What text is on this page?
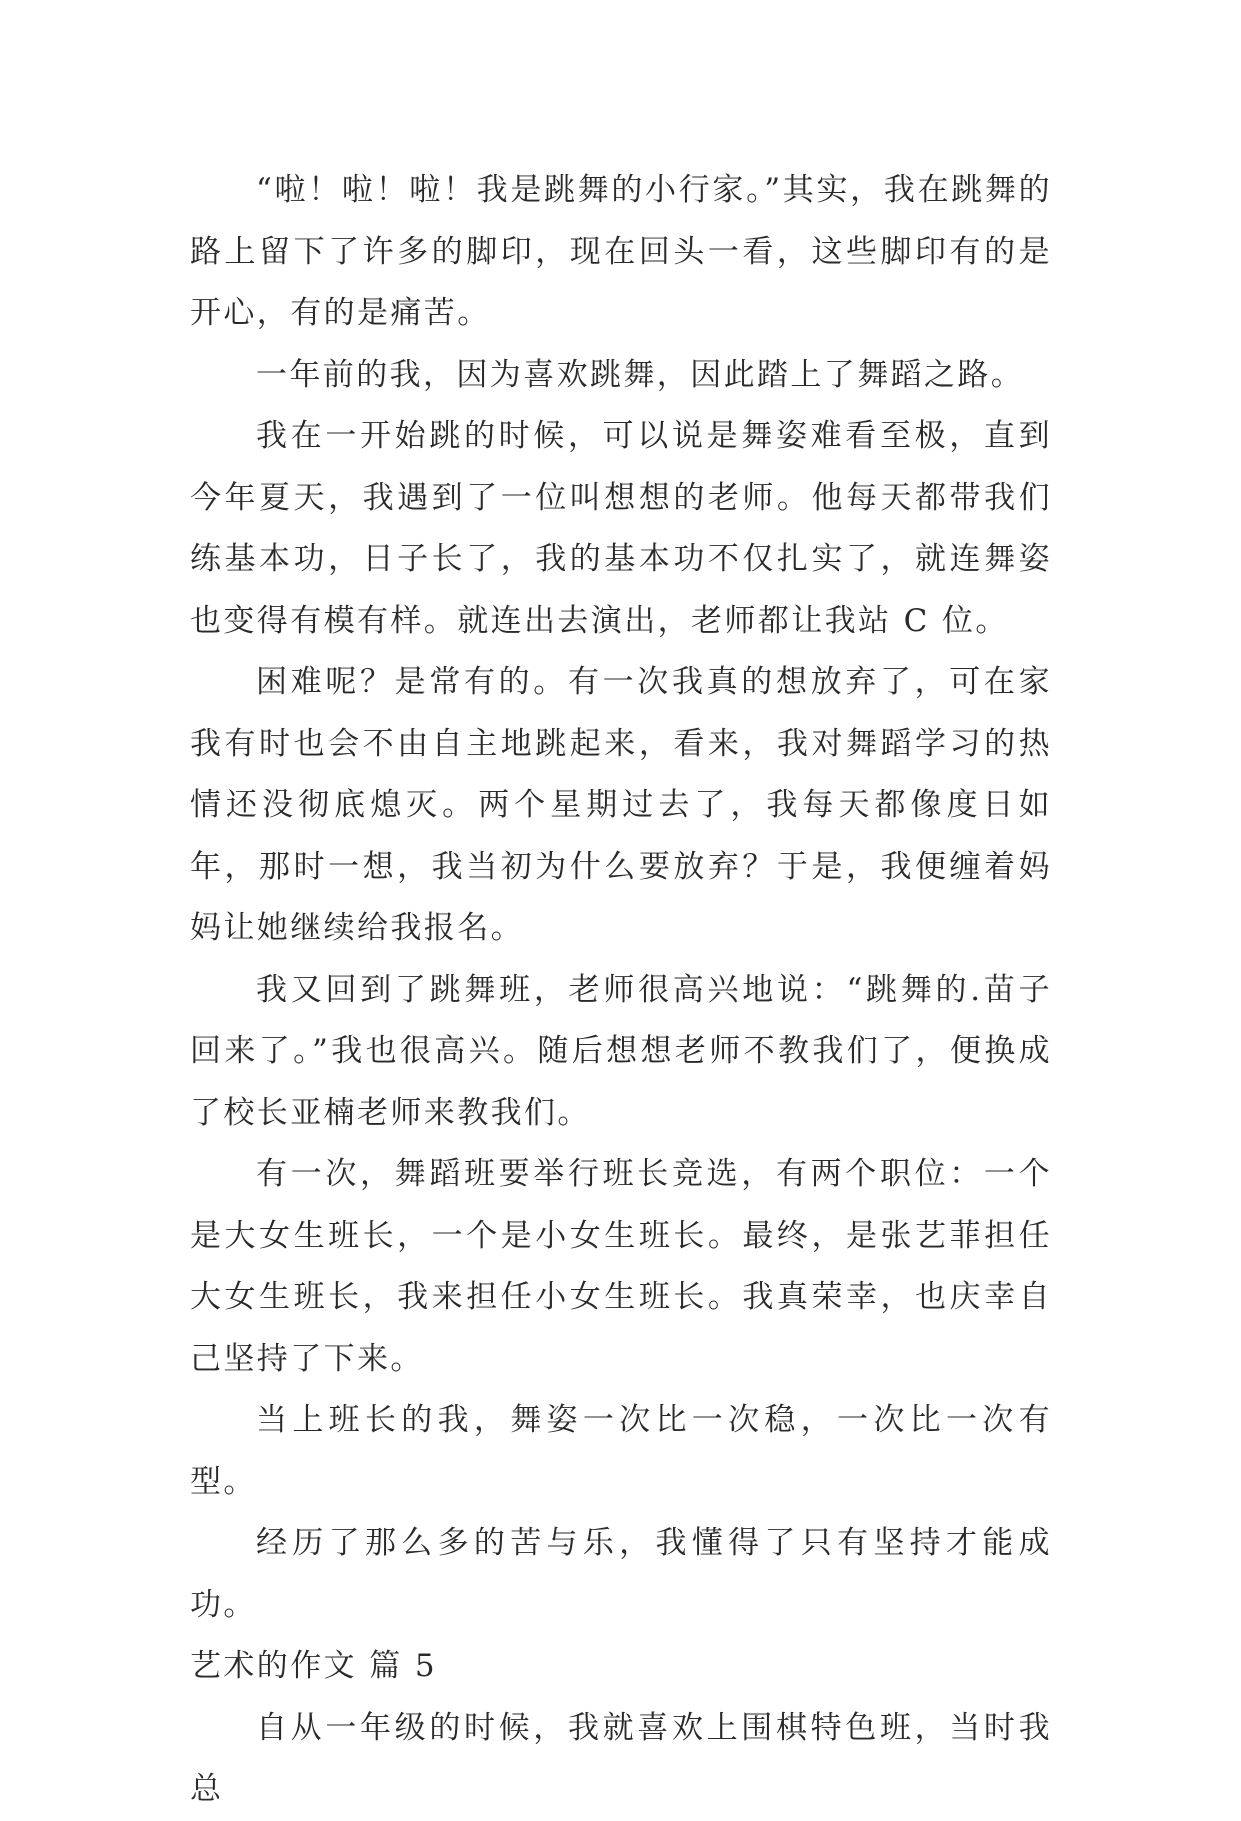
“啦！啦！啦！我是跳舞的小行家。”其实，我在跳舞的路上留下了许多的脚印，现在回头一看，这些脚印有的是开心，有的是痛苦。

一年前的我，因为喜欢跳舞，因此踏上了舞蹈之路。

我在一开始跳的时候，可以说是舞姿难看至极，直到今年夏天，我遇到了一位叫想想的老师。他每天都带我们练基本功，日子长了，我的基本功不仅扎实了，就连舞姿也变得有模有样。就连出去演出，老师都让我站 C 位。

困难呢？是常有的。有一次我真的想放弃了，可在家我有时也会不由自主地跳起来，看来，我对舞蹈学习的热情还没彻底熄灭。两个星期过去了，我每天都像度日如年，那时一想，我当初为什么要放弃？于是，我便缠着妈妈让她继续给我报名。

我又回到了跳舞班，老师很高兴地说：“跳舞的.苗子回来了。”我也很高兴。随后想想老师不教我们了，便换成了校长亚楠老师来教我们。

有一次，舞蹈班要举行班长竞选，有两个职位：一个是大女生班长，一个是小女生班长。最终，是张艺菲担任大女生班长，我来担任小女生班长。我真荣幸，也庆幸自己坚持了下来。

当上班长的我，舞姿一次比一次稳，一次比一次有型。

经历了那么多的苦与乐，我懂得了只有坚持才能成功。

艺术的作文 篇 5

自从一年级的时候，我就喜欢上围棋特色班，当时我总
